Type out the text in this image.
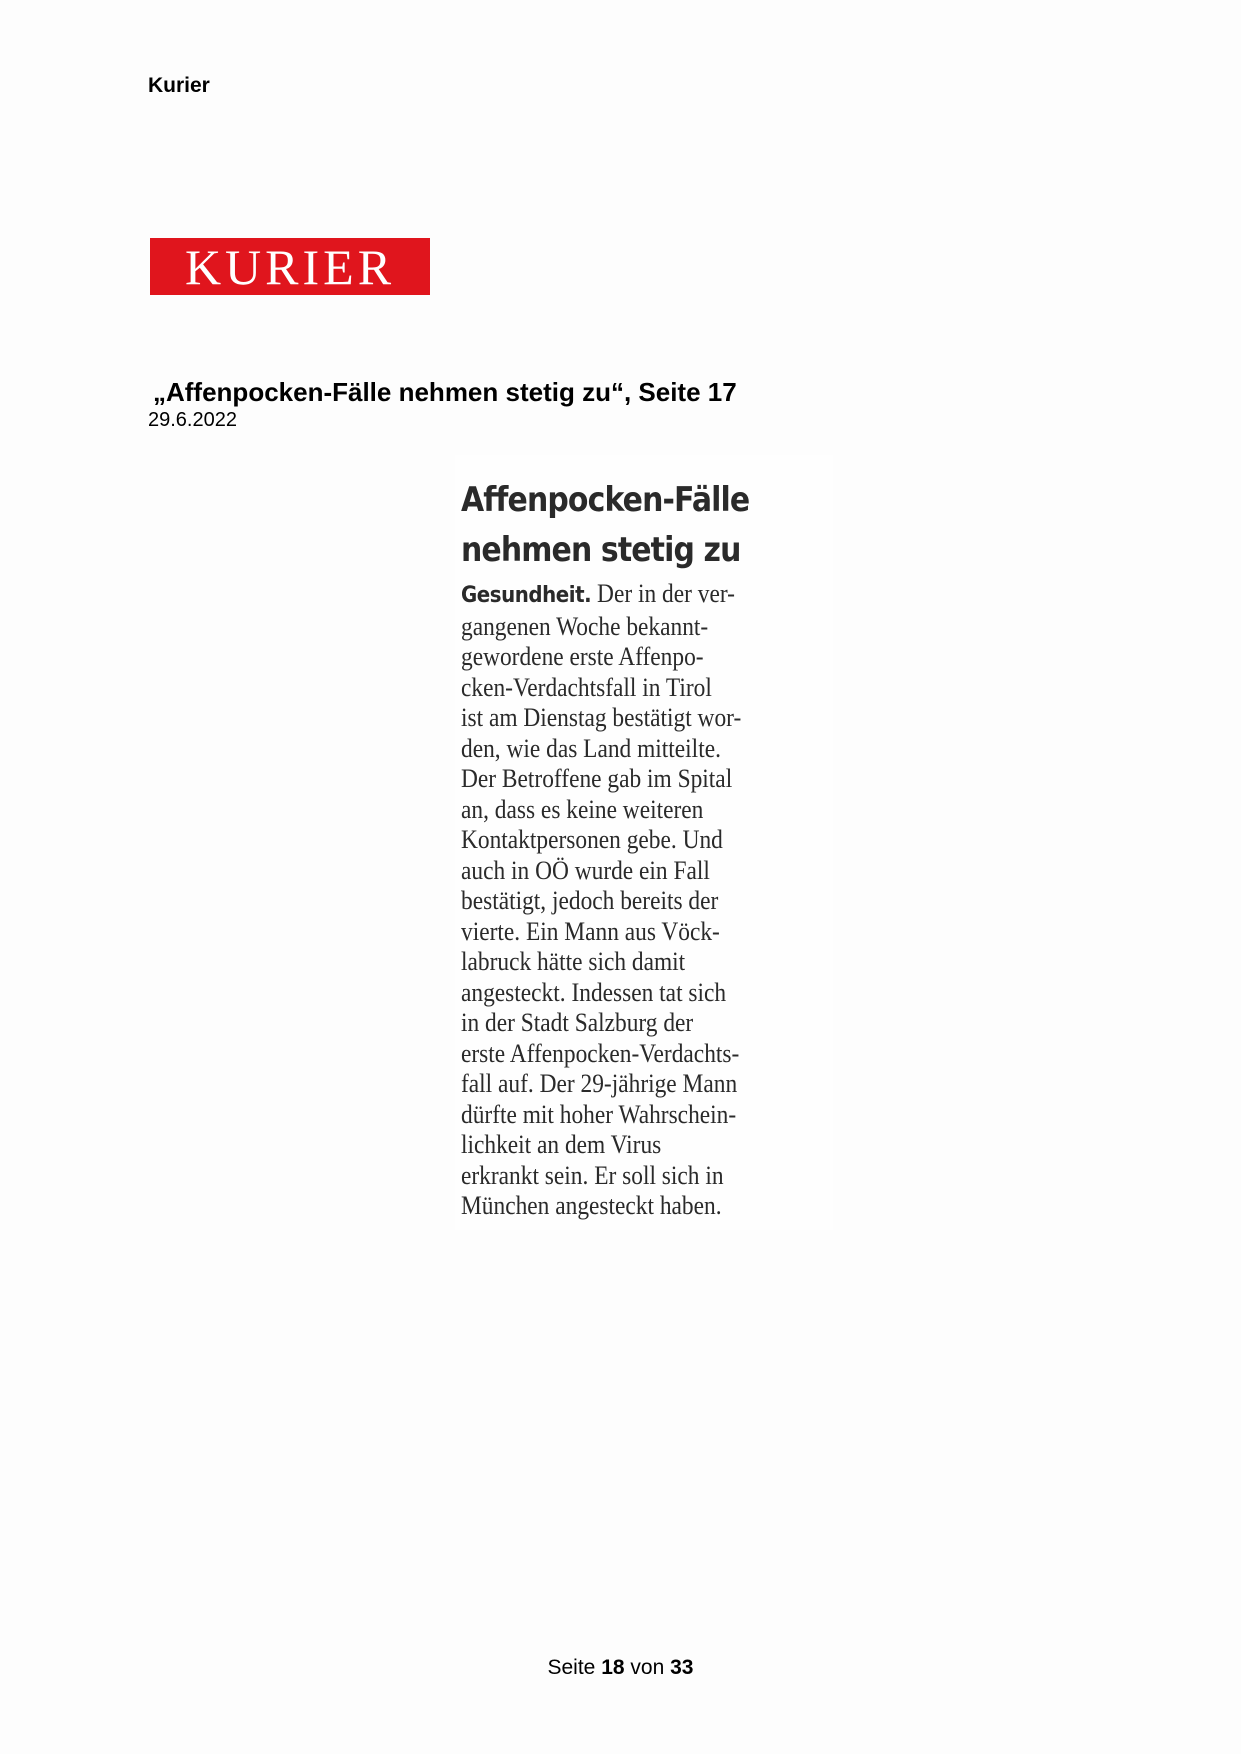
Kurier
KURIER
„Affenpocken-Fälle nehmen stetig zu“, Seite 17
29.6.2022
Affenpocken-Fälle
nehmen stetig zu
Gesundheit. Der in der ver-
gangenen Woche bekannt-
gewordene erste Affenpo-
cken-Verdachtsfall in Tirol
ist am Dienstag bestätigt wor-
den, wie das Land mitteilte.
Der Betroffene gab im Spital
an, dass es keine weiteren
Kontaktpersonen gebe. Und
auch in OÖ wurde ein Fall
bestätigt, jedoch bereits der
vierte. Ein Mann aus Vöck-
labruck hätte sich damit
angesteckt. Indessen tat sich
in der Stadt Salzburg der
erste Affenpocken-Verdachts-
fall auf. Der 29-jährige Mann
dürfte mit hoher Wahrschein-
lichkeit an dem Virus
erkrankt sein. Er soll sich in
München angesteckt haben.
Seite 18 von 33
